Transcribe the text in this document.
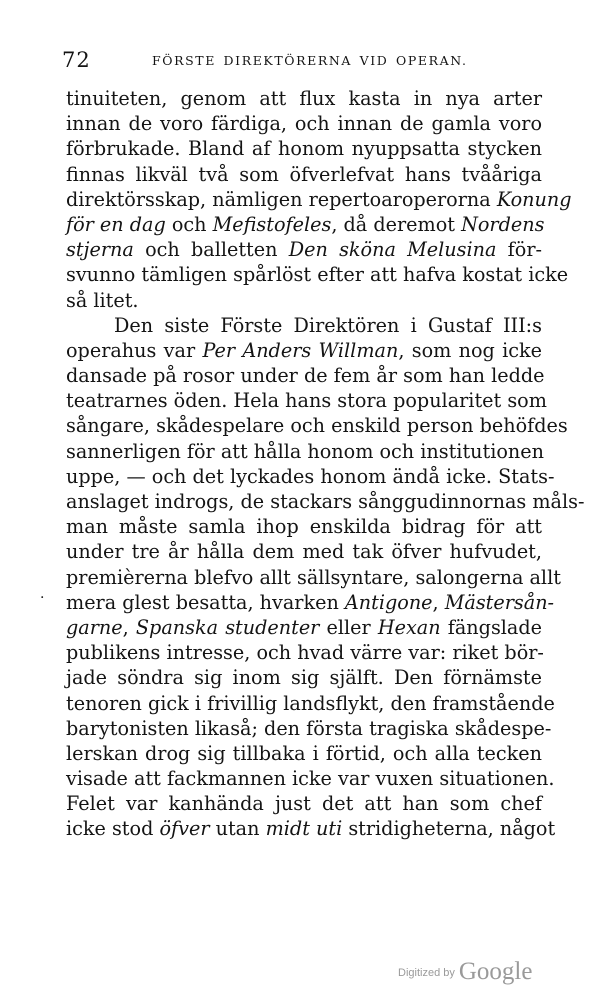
72	FÖRSTE DIREKTÖRERNA VID OPERAN.
·
tinuiteten, genom att flux kasta in nya arter
innan de voro färdiga, och innan de gamla voro
förbrukade. Bland af honom nyuppsatta stycken
finnas likväl två som öfverlefvat hans tvååriga
direktörsskap, nämligen repertoaroperorna Konung
för en dag och Mefistofeles, då deremot Nordens
stjerna och balletten Den sköna Melusina för-
svunno tämligen spårlöst efter att hafva kostat icke
så litet.
Den siste Förste Direktören i Gustaf III:s
operahus var Per Anders Willman, som nog icke
dansade på rosor under de fem år som han ledde
teatrarnes öden. Hela hans stora popularitet som
sångare, skådespelare och enskild person behöfdes
sannerligen för att hålla honom och institutionen
uppe, — och det lyckades honom ändå icke. Stats-
anslaget indrogs, de stackars sånggudinnornas måls-
man måste samla ihop enskilda bidrag för att
under tre år hålla dem med tak öfver hufvudet,
premièrerna blefvo allt sällsyntare, salongerna allt
mera glest besatta, hvarken Antigone, Mästersån-
garne, Spanska studenter eller Hexan fängslade
publikens intresse, och hvad värre var: riket bör-
jade söndra sig inom sig själft. Den förnämste
tenoren gick i frivillig landsflykt, den framstående
barytonisten likaså; den första tragiska skådespe-
lerskan drog sig tillbaka i förtid, och alla tecken
visade att fackmannen icke var vuxen situationen.
Felet var kanhända just det att han som chef
icke stod öfver utan midt uti stridigheterna, något
Digitized by Google
